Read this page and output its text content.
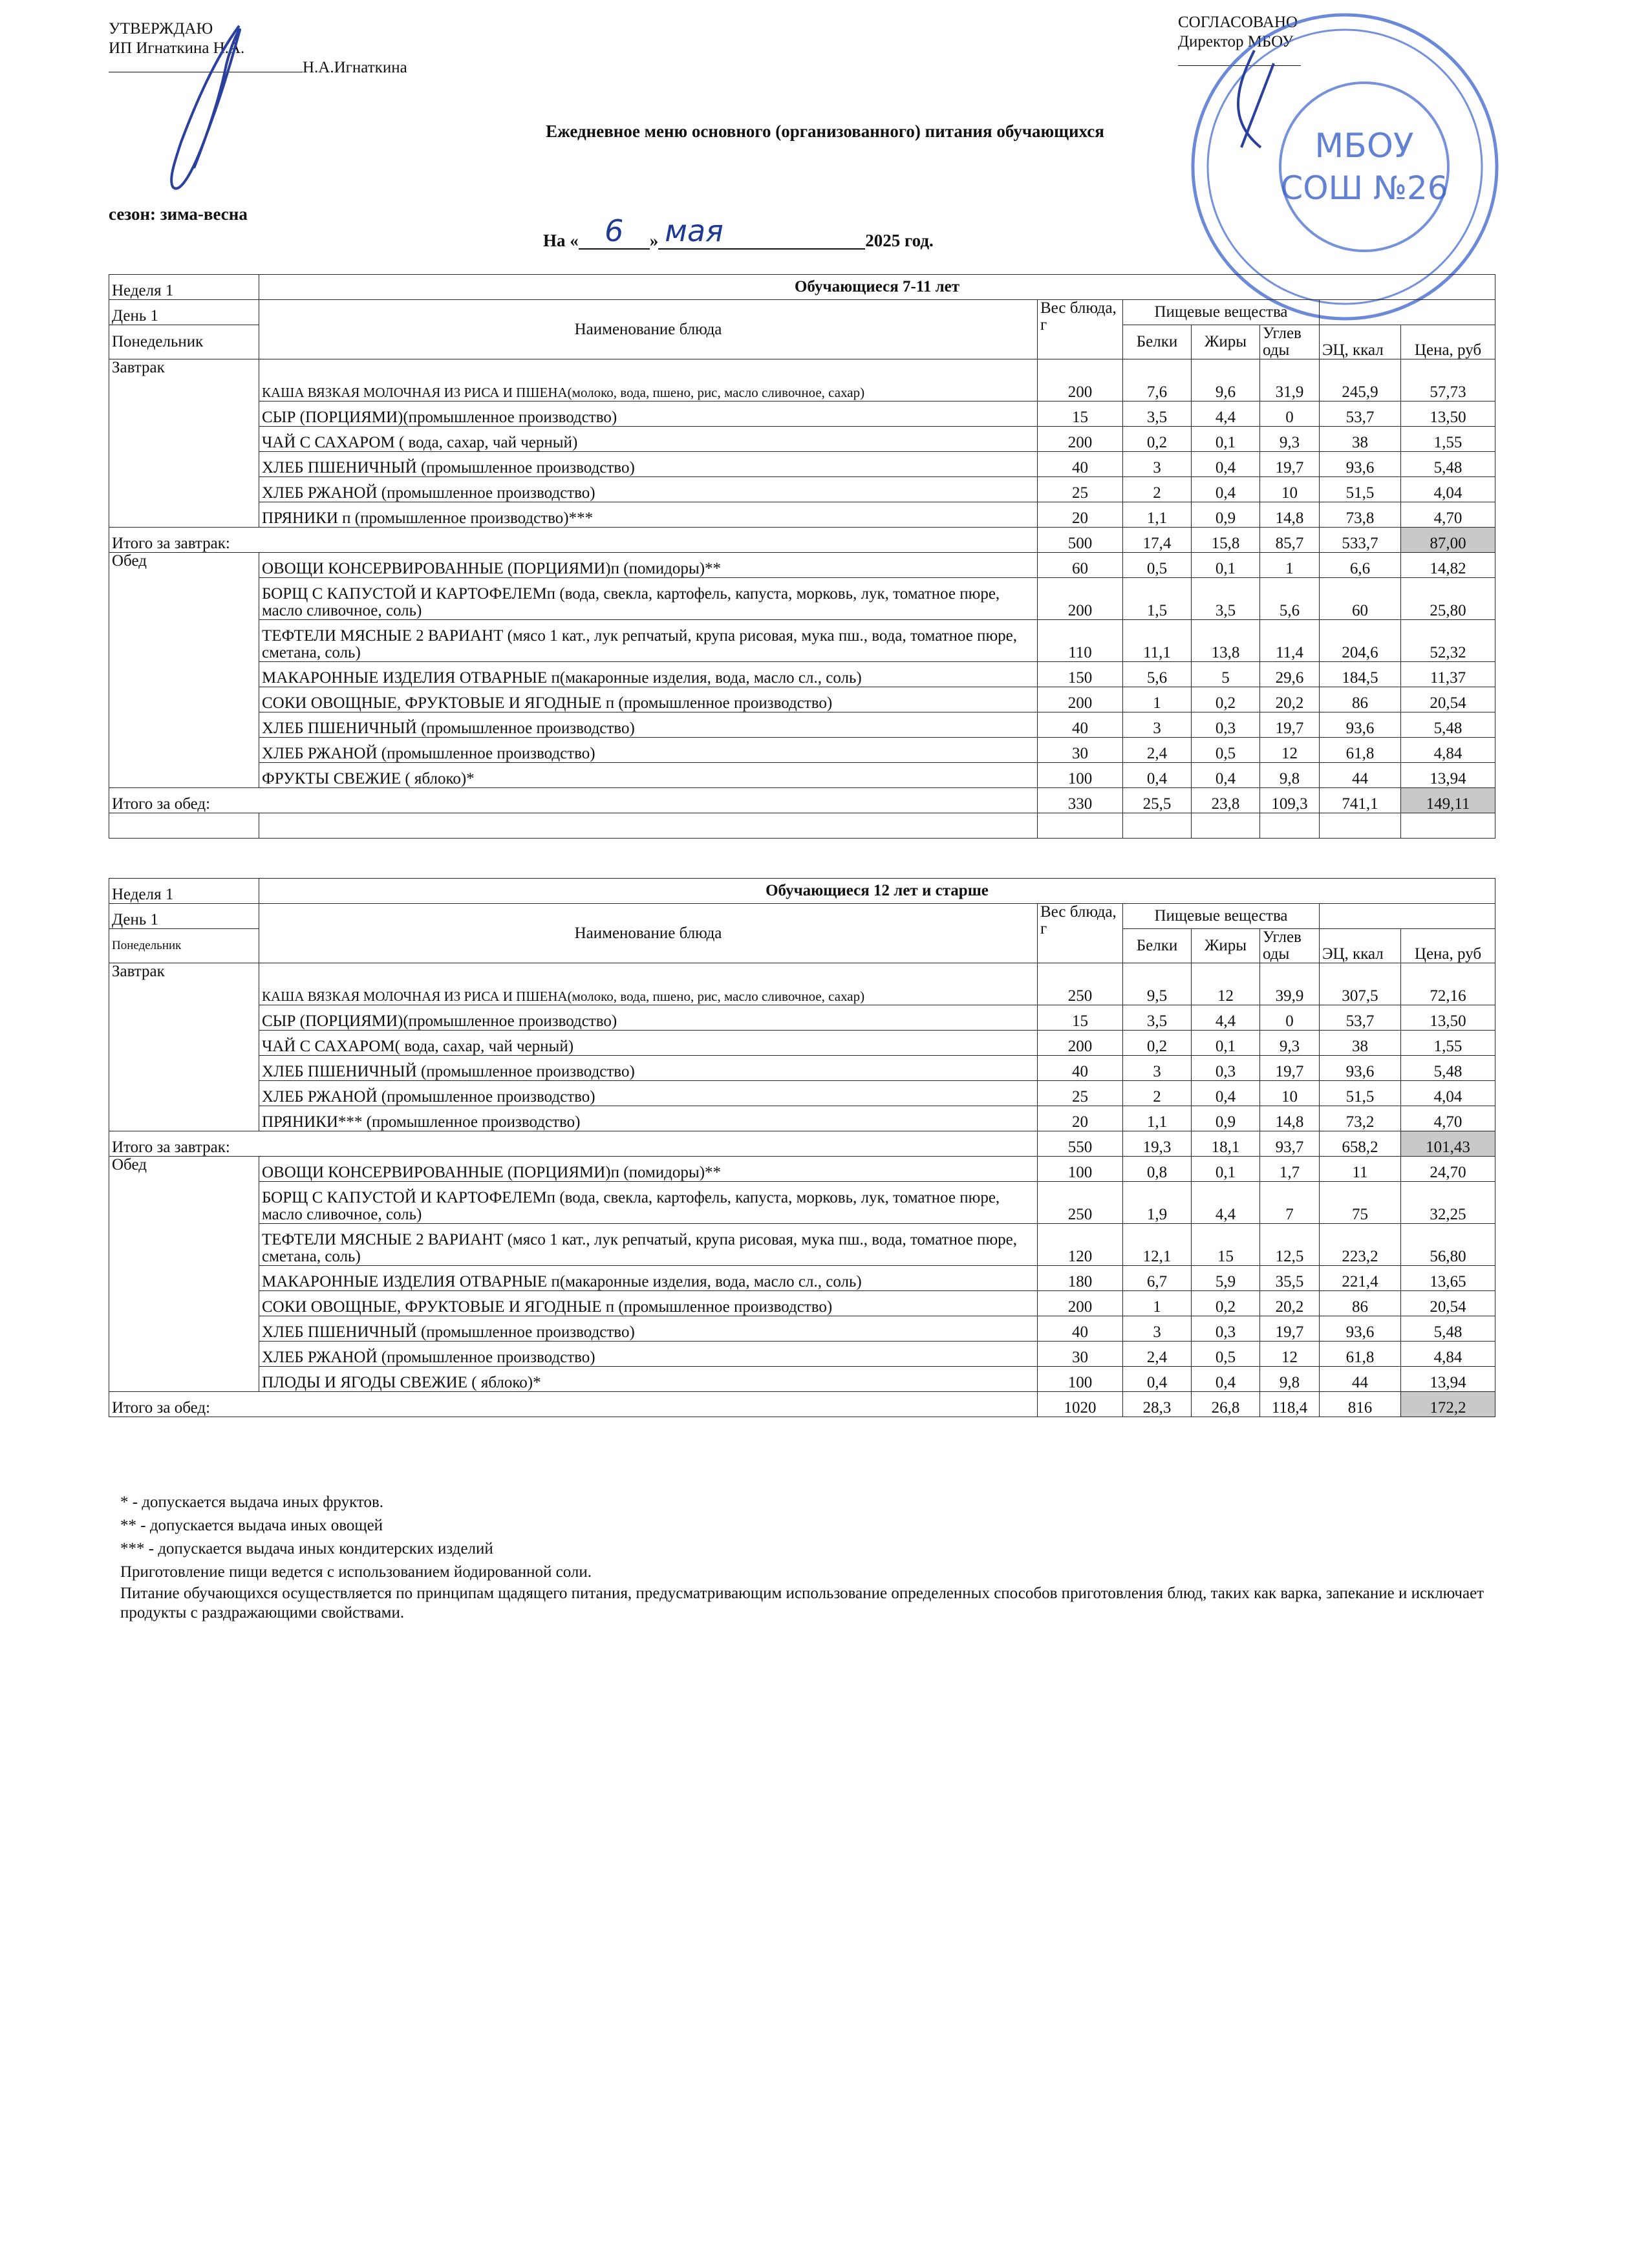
УТВЕРЖДАЮ
ИП Игнаткина Н.А.
Н.А.Игнаткина
СОГЛАСОВАНО
Директор МБОУ
МБОУ
СОШ №26
Ежедневное меню основного (организованного) питания обучающихся
сезон: зима-весна
На « 6 » мая	2025 год.
Неделя 1	Обучающиеся 7-11 лет						
День 1	Наименование блюда	Вес блюда, г	Пищевые вещества				
Понедельник			Белки	Жиры	Углев оды	ЭЦ, ккал	Цена, руб

Завтрак	КАША ВЯЗКАЯ МОЛОЧНАЯ ИЗ РИСА И ПШЕНА(молоко, вода, пшено, рис, масло сливочное, сахар)	200	7,6	9,6	31,9	245,9	57,73
	СЫР (ПОРЦИЯМИ)(промышленное производство)	15	3,5	4,4	0	53,7	13,50
	ЧАЙ С САХАРОМ ( вода, сахар, чай черный)	200	0,2	0,1	9,3	38	1,55
	ХЛЕБ ПШЕНИЧНЫЙ (промышленное производство)	40	3	0,4	19,7	93,6	5,48
	ХЛЕБ РЖАНОЙ (промышленное производство)	25	2	0,4	10	51,5	4,04
	ПРЯНИКИ п (промышленное производство)***	20	1,1	0,9	14,8	73,8	4,70
Итого за завтрак:		500	17,4	15,8	85,7	533,7	87,00
Обед	ОВОЩИ КОНСЕРВИРОВАННЫЕ (ПОРЦИЯМИ)п (помидоры)**	60	0,5	0,1	1	6,6	14,82
	БОРЩ С КАПУСТОЙ И КАРТОФЕЛЕМп (вода, свекла, картофель, капуста, морковь, лук, томатное пюре, масло сливочное, соль)	200	1,5	3,5	5,6	60	25,80
	ТЕФТЕЛИ МЯСНЫЕ 2 ВАРИАНТ (мясо 1 кат., лук репчатый, крупа рисовая, мука пш., вода, томатное пюре, сметана, соль)	110	11,1	13,8	11,4	204,6	52,32
	МАКАРОННЫЕ ИЗДЕЛИЯ ОТВАРНЫЕ п(макаронные изделия, вода, масло сл., соль)	150	5,6	5	29,6	184,5	11,37
	СОКИ ОВОЩНЫЕ, ФРУКТОВЫЕ И ЯГОДНЫЕ п (промышленное производство)	200	1	0,2	20,2	86	20,54
	ХЛЕБ ПШЕНИЧНЫЙ (промышленное производство)	40	3	0,3	19,7	93,6	5,48
	ХЛЕБ РЖАНОЙ (промышленное производство)	30	2,4	0,5	12	61,8	4,84
	ФРУКТЫ СВЕЖИЕ ( яблоко)*	100	0,4	0,4	9,8	44	13,94
Итого за обед:		330	25,5	23,8	109,3	741,1	149,11

Неделя 1	Обучающиеся 12 лет и старше						
День 1	Наименование блюда	Вес блюда, г	Пищевые вещества				
Понедельник			Белки	Жиры	Углев оды	ЭЦ, ккал	Цена, руб

Завтрак	КАША ВЯЗКАЯ МОЛОЧНАЯ ИЗ РИСА И ПШЕНА(молоко, вода, пшено, рис, масло сливочное, сахар)	250	9,5	12	39,9	307,5	72,16
	СЫР (ПОРЦИЯМИ)(промышленное производство)	15	3,5	4,4	0	53,7	13,50
	ЧАЙ С САХАРОМ( вода, сахар, чай черный)	200	0,2	0,1	9,3	38	1,55
	ХЛЕБ ПШЕНИЧНЫЙ (промышленное производство)	40	3	0,3	19,7	93,6	5,48
	ХЛЕБ РЖАНОЙ (промышленное производство)	25	2	0,4	10	51,5	4,04
	ПРЯНИКИ*** (промышленное производство)	20	1,1	0,9	14,8	73,2	4,70
Итого за завтрак:		550	19,3	18,1	93,7	658,2	101,43
Обед	ОВОЩИ КОНСЕРВИРОВАННЫЕ (ПОРЦИЯМИ)п (помидоры)**	100	0,8	0,1	1,7	11	24,70
	БОРЩ С КАПУСТОЙ И КАРТОФЕЛЕМп (вода, свекла, картофель, капуста, морковь, лук, томатное пюре, масло сливочное, соль)	250	1,9	4,4	7	75	32,25
	ТЕФТЕЛИ МЯСНЫЕ 2 ВАРИАНТ (мясо 1 кат., лук репчатый, крупа рисовая, мука пш., вода, томатное пюре, сметана, соль)	120	12,1	15	12,5	223,2	56,80
	МАКАРОННЫЕ ИЗДЕЛИЯ ОТВАРНЫЕ п(макаронные изделия, вода, масло сл., соль)	180	6,7	5,9	35,5	221,4	13,65
	СОКИ ОВОЩНЫЕ, ФРУКТОВЫЕ И ЯГОДНЫЕ п (промышленное производство)	200	1	0,2	20,2	86	20,54
	ХЛЕБ ПШЕНИЧНЫЙ (промышленное производство)	40	3	0,3	19,7	93,6	5,48
	ХЛЕБ РЖАНОЙ (промышленное производство)	30	2,4	0,5	12	61,8	4,84
	ПЛОДЫ И ЯГОДЫ СВЕЖИЕ ( яблоко)*	100	0,4	0,4	9,8	44	13,94
Итого за обед:		1020	28,3	26,8	118,4	816	172,2
* - допускается выдача иных фруктов.
** - допускается выдача иных овощей
*** - допускается выдача иных кондитерских изделий
Приготовление пищи ведется с использованием йодированной соли.
Питание обучающихся осуществляется по принципам щадящего питания, предусматривающим использование определенных способов приготовления блюд, таких как варка, запекание и исключает продукты с раздражающими свойствами.
